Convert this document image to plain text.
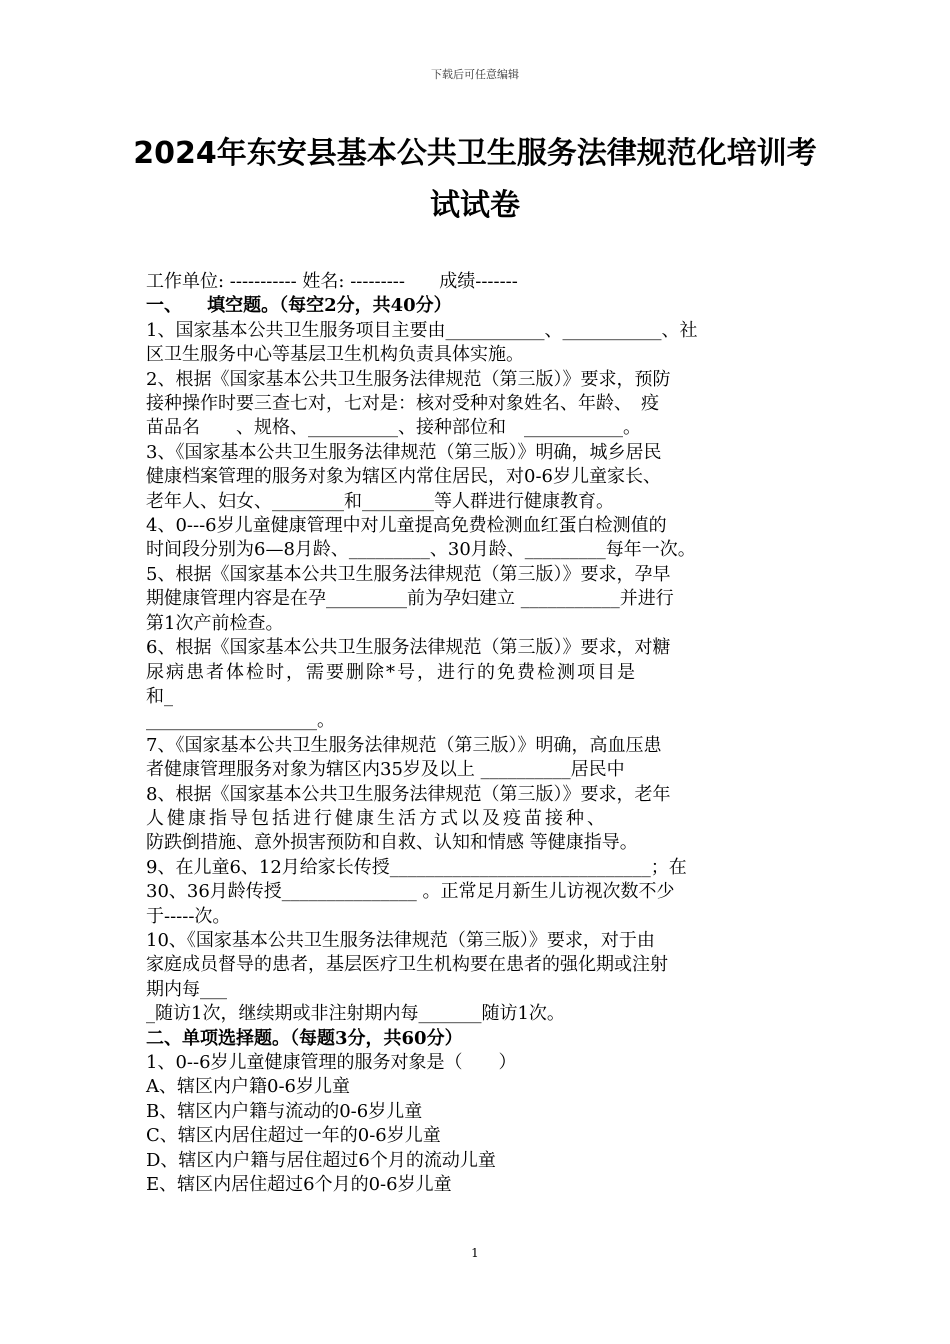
下载后可任意编辑
2024年东安县基本公共卫生服务法律规范化培训考试试卷

工作单位: ----------- 姓名: ---------      成绩-------

一、    填空题。（每空2分，共40分）

1、国家基本公共卫生服务项目主要由___________、___________、社

区卫生服务中心等基层卫生机构负责具体实施。

2、根据《国家基本公共卫生服务法律规范（第三版）》要求，预防

接种操作时要三查七对，七对是：核对受种对象姓名、年龄、　疫

苗品名　　、规格、__________、接种部位和　___________。

3、《国家基本公共卫生服务法律规范（第三版）》明确，城乡居民

健康档案管理的服务对象为辖区内常住居民，对0-6岁儿童家长、

老年人、妇女、________和________等人群进行健康教育。

4、0---6岁儿童健康管理中对儿童提高免费检测血红蛋白检测值的

时间段分别为6—8月龄、_________、30月龄、_________每年一次。

5、根据《国家基本公共卫生服务法律规范（第三版）》要求，孕早

期健康管理内容是在孕_________前为孕妇建立 ___________并进行

第1次产前检查。

6、根据《国家基本公共卫生服务法律规范（第三版）》要求，对糖

尿病患者体检时，需要删除*号，进行的免费检测项目是

和_

___________________。

7、《国家基本公共卫生服务法律规范（第三版）》明确，高血压患

者健康管理服务对象为辖区内35岁及以上 __________居民中

8、根据《国家基本公共卫生服务法律规范（第三版）》要求，老年

人健康指导包括进行健康生活方式以及疫苗接种、

防跌倒措施、意外损害预防和自救、认知和情感 等健康指导。

9、在儿童6、12月给家长传授_____________________________；在

30、36月龄传授_______________ 。正常足月新生儿访视次数不少

于-----次。

10、《国家基本公共卫生服务法律规范（第三版）》要求，对于由

家庭成员督导的患者，基层医疗卫生机构要在患者的强化期或注射

期内每___

_随访1次，继续期或非注射期内每_______随访1次。

二、单项选择题。（每题3分，共60分）

1、0--6岁儿童健康管理的服务对象是（　　）

A、辖区内户籍0-6岁儿童

B、辖区内户籍与流动的0-6岁儿童

C、辖区内居住超过一年的0-6岁儿童

D、辖区内户籍与居住超过6个月的流动儿童

E、辖区内居住超过6个月的0-6岁儿童

1
